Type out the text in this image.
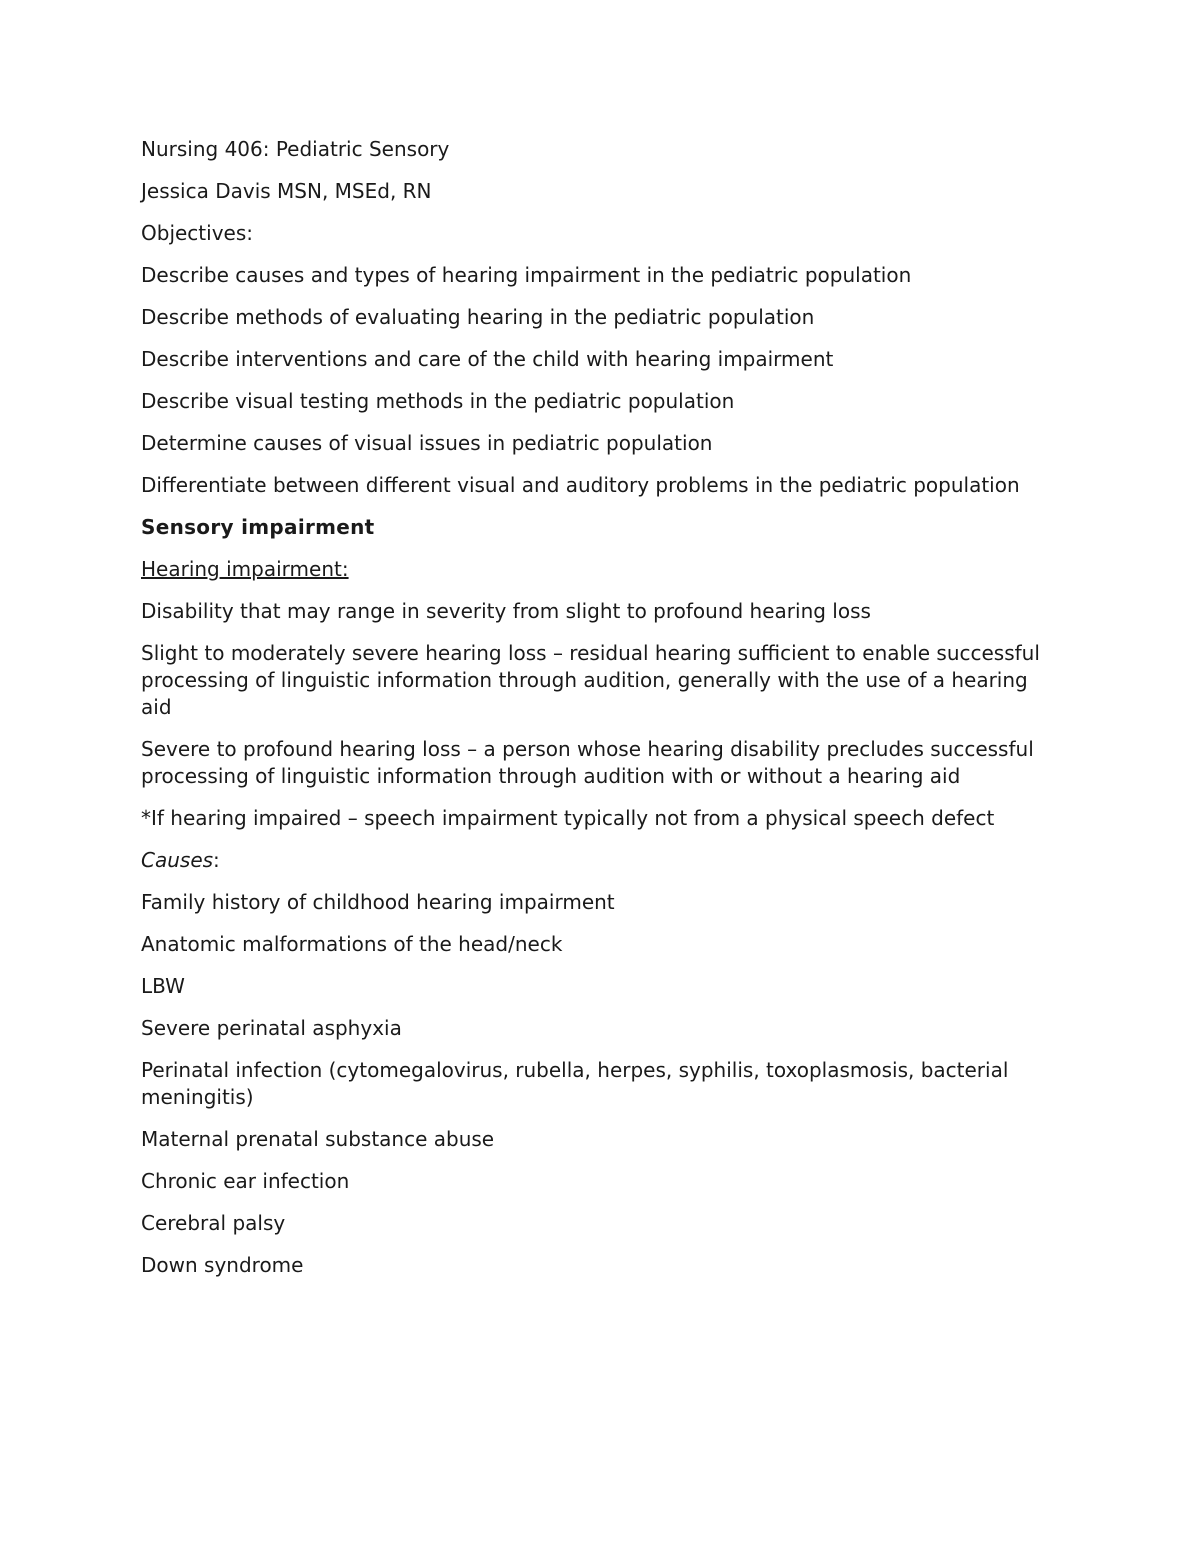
Nursing 406: Pediatric Sensory

Jessica Davis MSN, MSEd, RN

Objectives:

Describe causes and types of hearing impairment in the pediatric population

Describe methods of evaluating hearing in the pediatric population

Describe interventions and care of the child with hearing impairment

Describe visual testing methods in the pediatric population

Determine causes of visual issues in pediatric population

Differentiate between different visual and auditory problems in the pediatric population

Sensory impairment

Hearing impairment:

Disability that may range in severity from slight to profound hearing loss

Slight to moderately severe hearing loss – residual hearing sufficient to enable successful processing of linguistic information through audition, generally with the use of a hearing aid

Severe to profound hearing loss – a person whose hearing disability precludes successful processing of linguistic information through audition with or without a hearing aid

*If hearing impaired – speech impairment typically not from a physical speech defect

Causes:

Family history of childhood hearing impairment

Anatomic malformations of the head/neck

LBW

Severe perinatal asphyxia

Perinatal infection (cytomegalovirus, rubella, herpes, syphilis, toxoplasmosis, bacterial meningitis)

Maternal prenatal substance abuse

Chronic ear infection

Cerebral palsy

Down syndrome
